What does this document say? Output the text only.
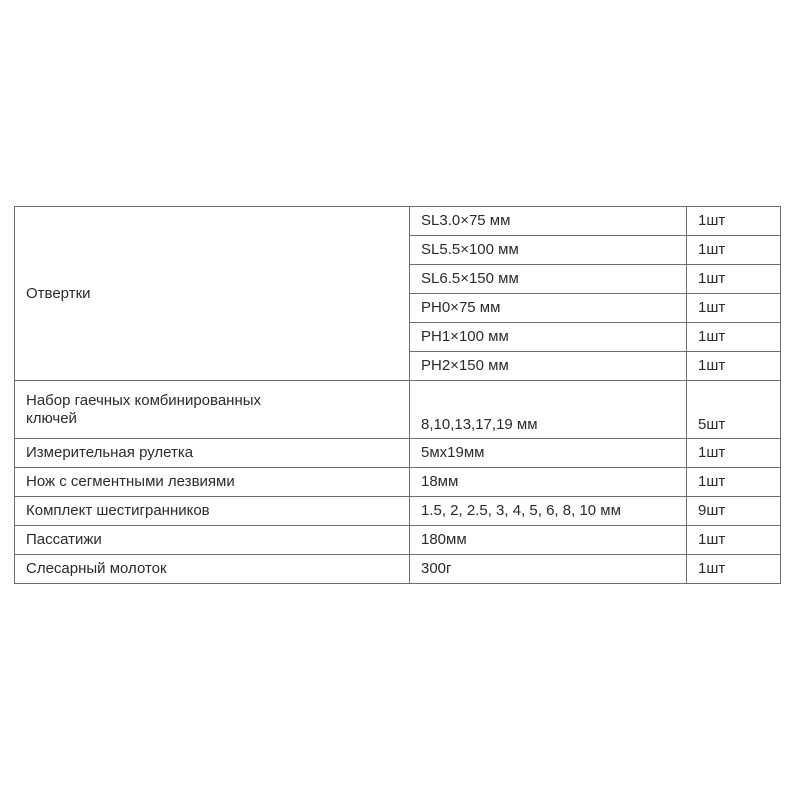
Отвертки	SL3.0×75 мм	1шт
	SL5.5×100 мм	1шт
	SL6.5×150 мм	1шт
	PH0×75 мм	1шт
	PH1×100 мм	1шт
	PH2×150 мм	1шт
Набор гаечных комбинированных
ключей	8,10,13,17,19 мм	5шт
Измерительная рулетка	5мх19мм	1шт
Нож с сегментными лезвиями	18мм	1шт
Комплект шестигранников	1.5, 2, 2.5, 3, 4, 5, 6, 8, 10 мм	9шт
Пассатижи	180мм	1шт
Слесарный молоток	300г	1шт
